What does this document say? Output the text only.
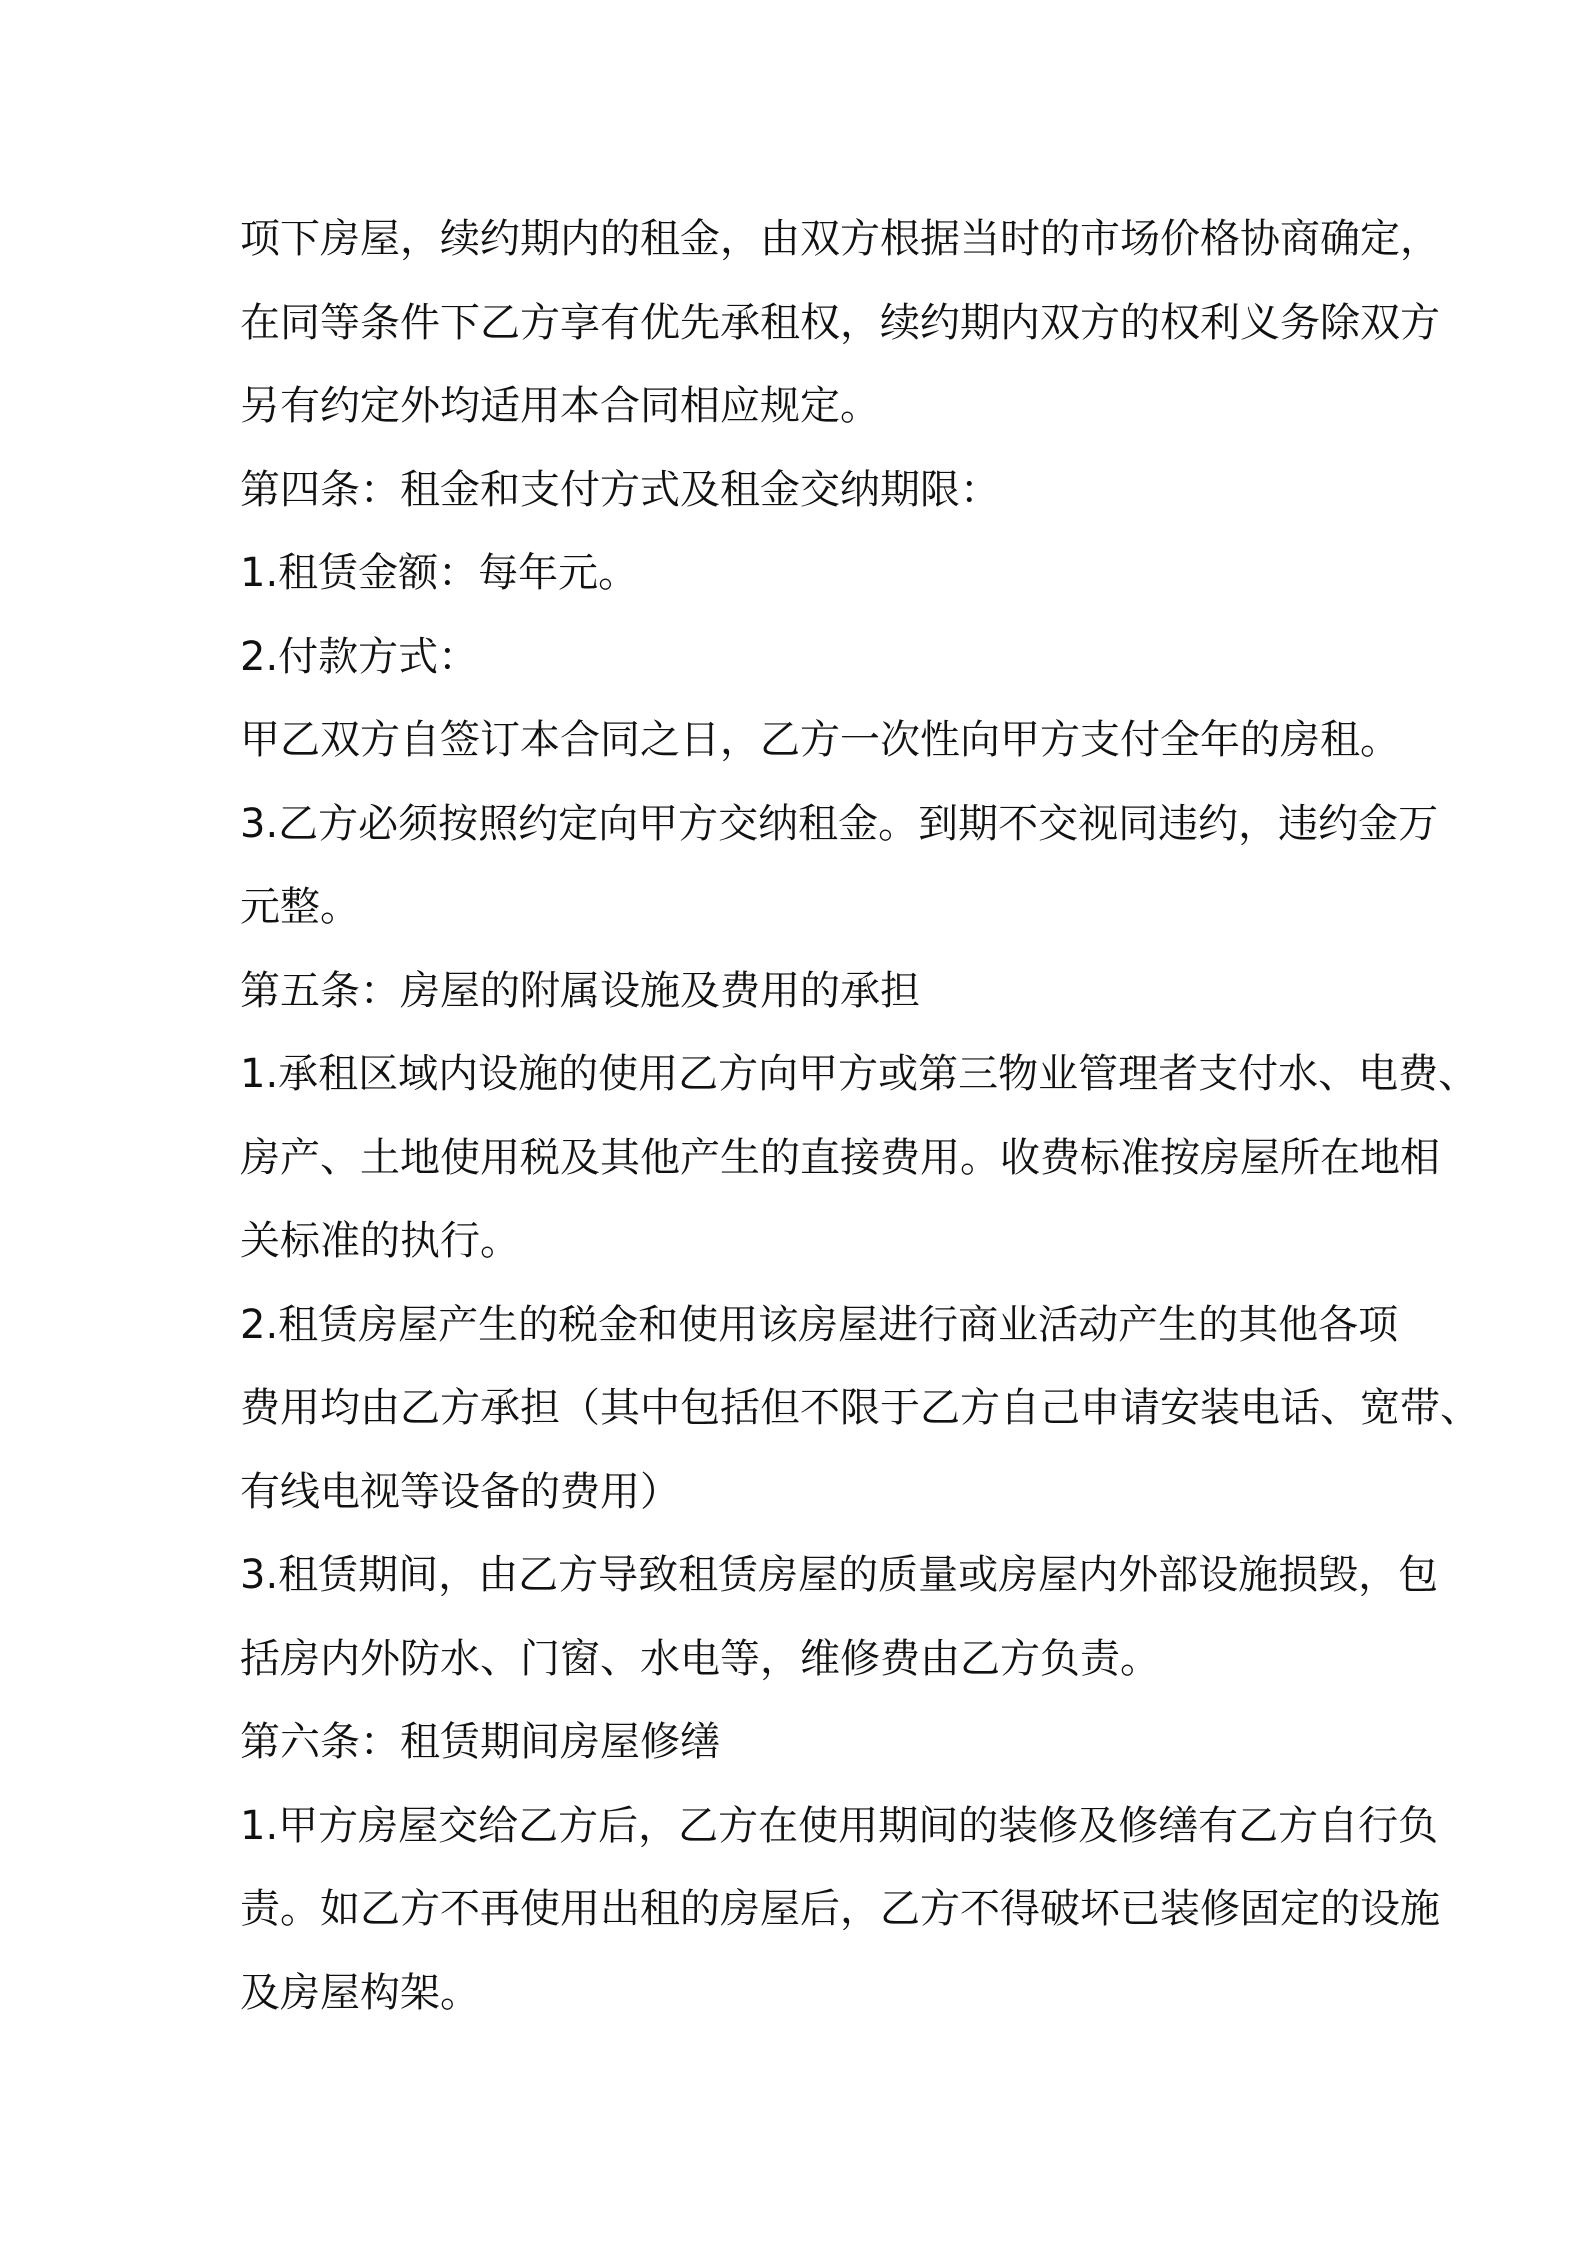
项下房屋，续约期内的租金，由双方根据当时的市场价格协商确定，
在同等条件下乙方享有优先承租权，续约期内双方的权利义务除双方
另有约定外均适用本合同相应规定。
第四条：租金和支付方式及租金交纳期限：
1.租赁金额：每年元。
2.付款方式：
甲乙双方自签订本合同之日，乙方一次性向甲方支付全年的房租。
3.乙方必须按照约定向甲方交纳租金。到期不交视同违约，违约金万
元整。
第五条：房屋的附属设施及费用的承担
1.承租区域内设施的使用乙方向甲方或第三物业管理者支付水、电费、
房产、土地使用税及其他产生的直接费用。收费标准按房屋所在地相
关标准的执行。
2.租赁房屋产生的税金和使用该房屋进行商业活动产生的其他各项
费用均由乙方承担（其中包括但不限于乙方自己申请安装电话、宽带、
有线电视等设备的费用）
3.租赁期间，由乙方导致租赁房屋的质量或房屋内外部设施损毁，包
括房内外防水、门窗、水电等，维修费由乙方负责。
第六条：租赁期间房屋修缮
1.甲方房屋交给乙方后，乙方在使用期间的装修及修缮有乙方自行负
责。如乙方不再使用出租的房屋后，乙方不得破坏已装修固定的设施
及房屋构架。
